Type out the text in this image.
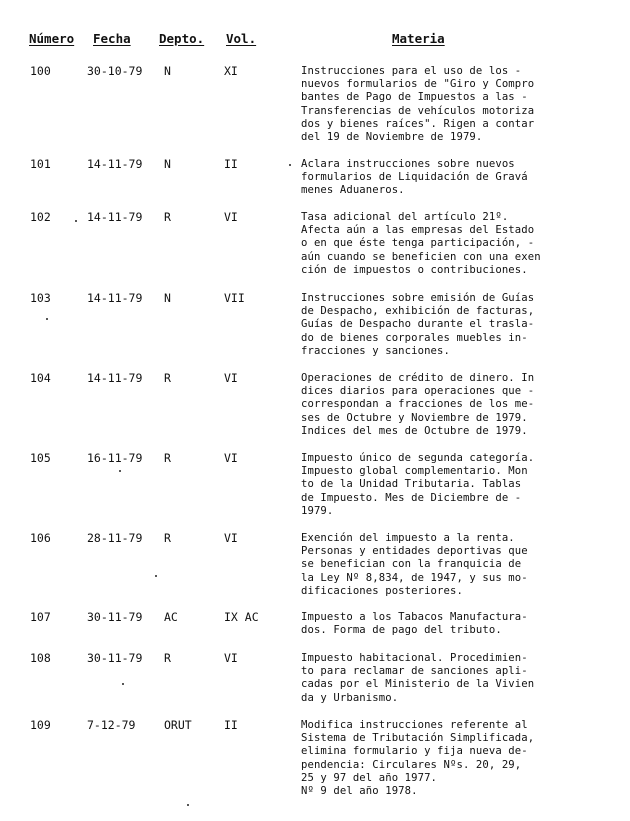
Número Fecha Depto. Vol.	Materia
100	30-10-79 N	XI	Instrucciones para el uso de los -
nuevos formularios de "Giro y Compro
bantes de Pago de Impuestos a las -
Transferencias de vehículos motoriza
dos y bienes raíces". Rigen a contar
del 19 de Noviembre de 1979.
101	14-11-79 N	II	Aclara instrucciones sobre nuevos
formularios de Liquidación de Gravá
menes Aduaneros.
102	14-11-79 R	VI	Tasa adicional del artículo 21º.
Afecta aún a las empresas del Estado
o en que éste tenga participación, -
aún cuando se beneficien con una exen
ción de impuestos o contribuciones.
103	14-11-79 N	VII	Instrucciones sobre emisión de Guías
de Despacho, exhibición de facturas,
Guías de Despacho durante el trasla-
do de bienes corporales muebles in-
fracciones y sanciones.
104	14-11-79 R	VI	Operaciones de crédito de dinero. In
dices diarios para operaciones que -
correspondan a fracciones de los me-
ses de Octubre y Noviembre de 1979.
Indices del mes de Octubre de 1979.
105	16-11-79 R	VI	Impuesto único de segunda categoría.
Impuesto global complementario. Mon
to de la Unidad Tributaria. Tablas
de Impuesto. Mes de Diciembre de -
1979.
106	28-11-79 R	VI	Exención del impuesto a la renta.
Personas y entidades deportivas que
se benefician con la franquicia de
la Ley Nº 8,834, de 1947, y sus mo-
dificaciones posteriores.
107	30-11-79 AC	IX AC	Impuesto a los Tabacos Manufactura-
dos. Forma de pago del tributo.
108	30-11-79 R	VI	Impuesto habitacional. Procedimien-
to para reclamar de sanciones apli-
cadas por el Ministerio de la Vivien
da y Urbanismo.
109	7-12-79 ORUT	II	Modifica instrucciones referente al
Sistema de Tributación Simplificada,
elimina formulario y fija nueva de-
pendencia: Circulares Nºs. 20, 29,
25 y 97 del año 1977.
Nº 9 del año 1978.
